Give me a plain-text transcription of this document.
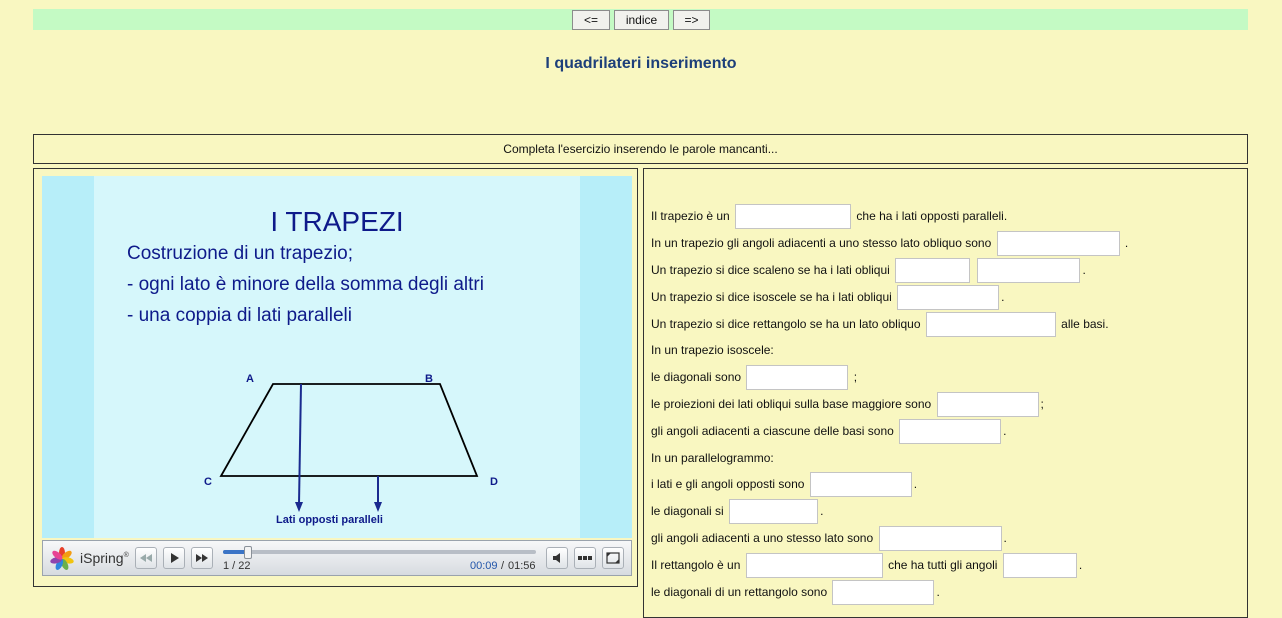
<=	indice	=>
I quadrilateri inserimento
Completa l'esercizio inserendo le parole mancanti...
I TRAPEZI
Costruzione di un trapezio;
- ogni lato è minore della somma degli altri
- una coppia di lati paralleli
A	B
C	D
Lati opposti paralleli
iSpring®
1 / 22	00:09 / 01:56
Il trapezio è un	che ha i lati opposti paralleli.
In un trapezio gli angoli adiacenti a uno stesso lato obliquo sono	.
Un trapezio si dice scaleno se ha i lati obliqui	.
Un trapezio si dice isoscele se ha i lati obliqui	.
Un trapezio si dice rettangolo se ha un lato obliquo	alle basi.
In un trapezio isoscele:
le diagonali sono	;
le proiezioni dei lati obliqui sulla base maggiore sono	;
gli angoli adiacenti a ciascune delle basi sono	.
In un parallelogrammo:
i lati e gli angoli opposti sono	.
le diagonali si	.
gli angoli adiacenti a uno stesso lato sono	.
Il rettangolo è un	che ha tutti gli angoli	.
le diagonali di un rettangolo sono	.
